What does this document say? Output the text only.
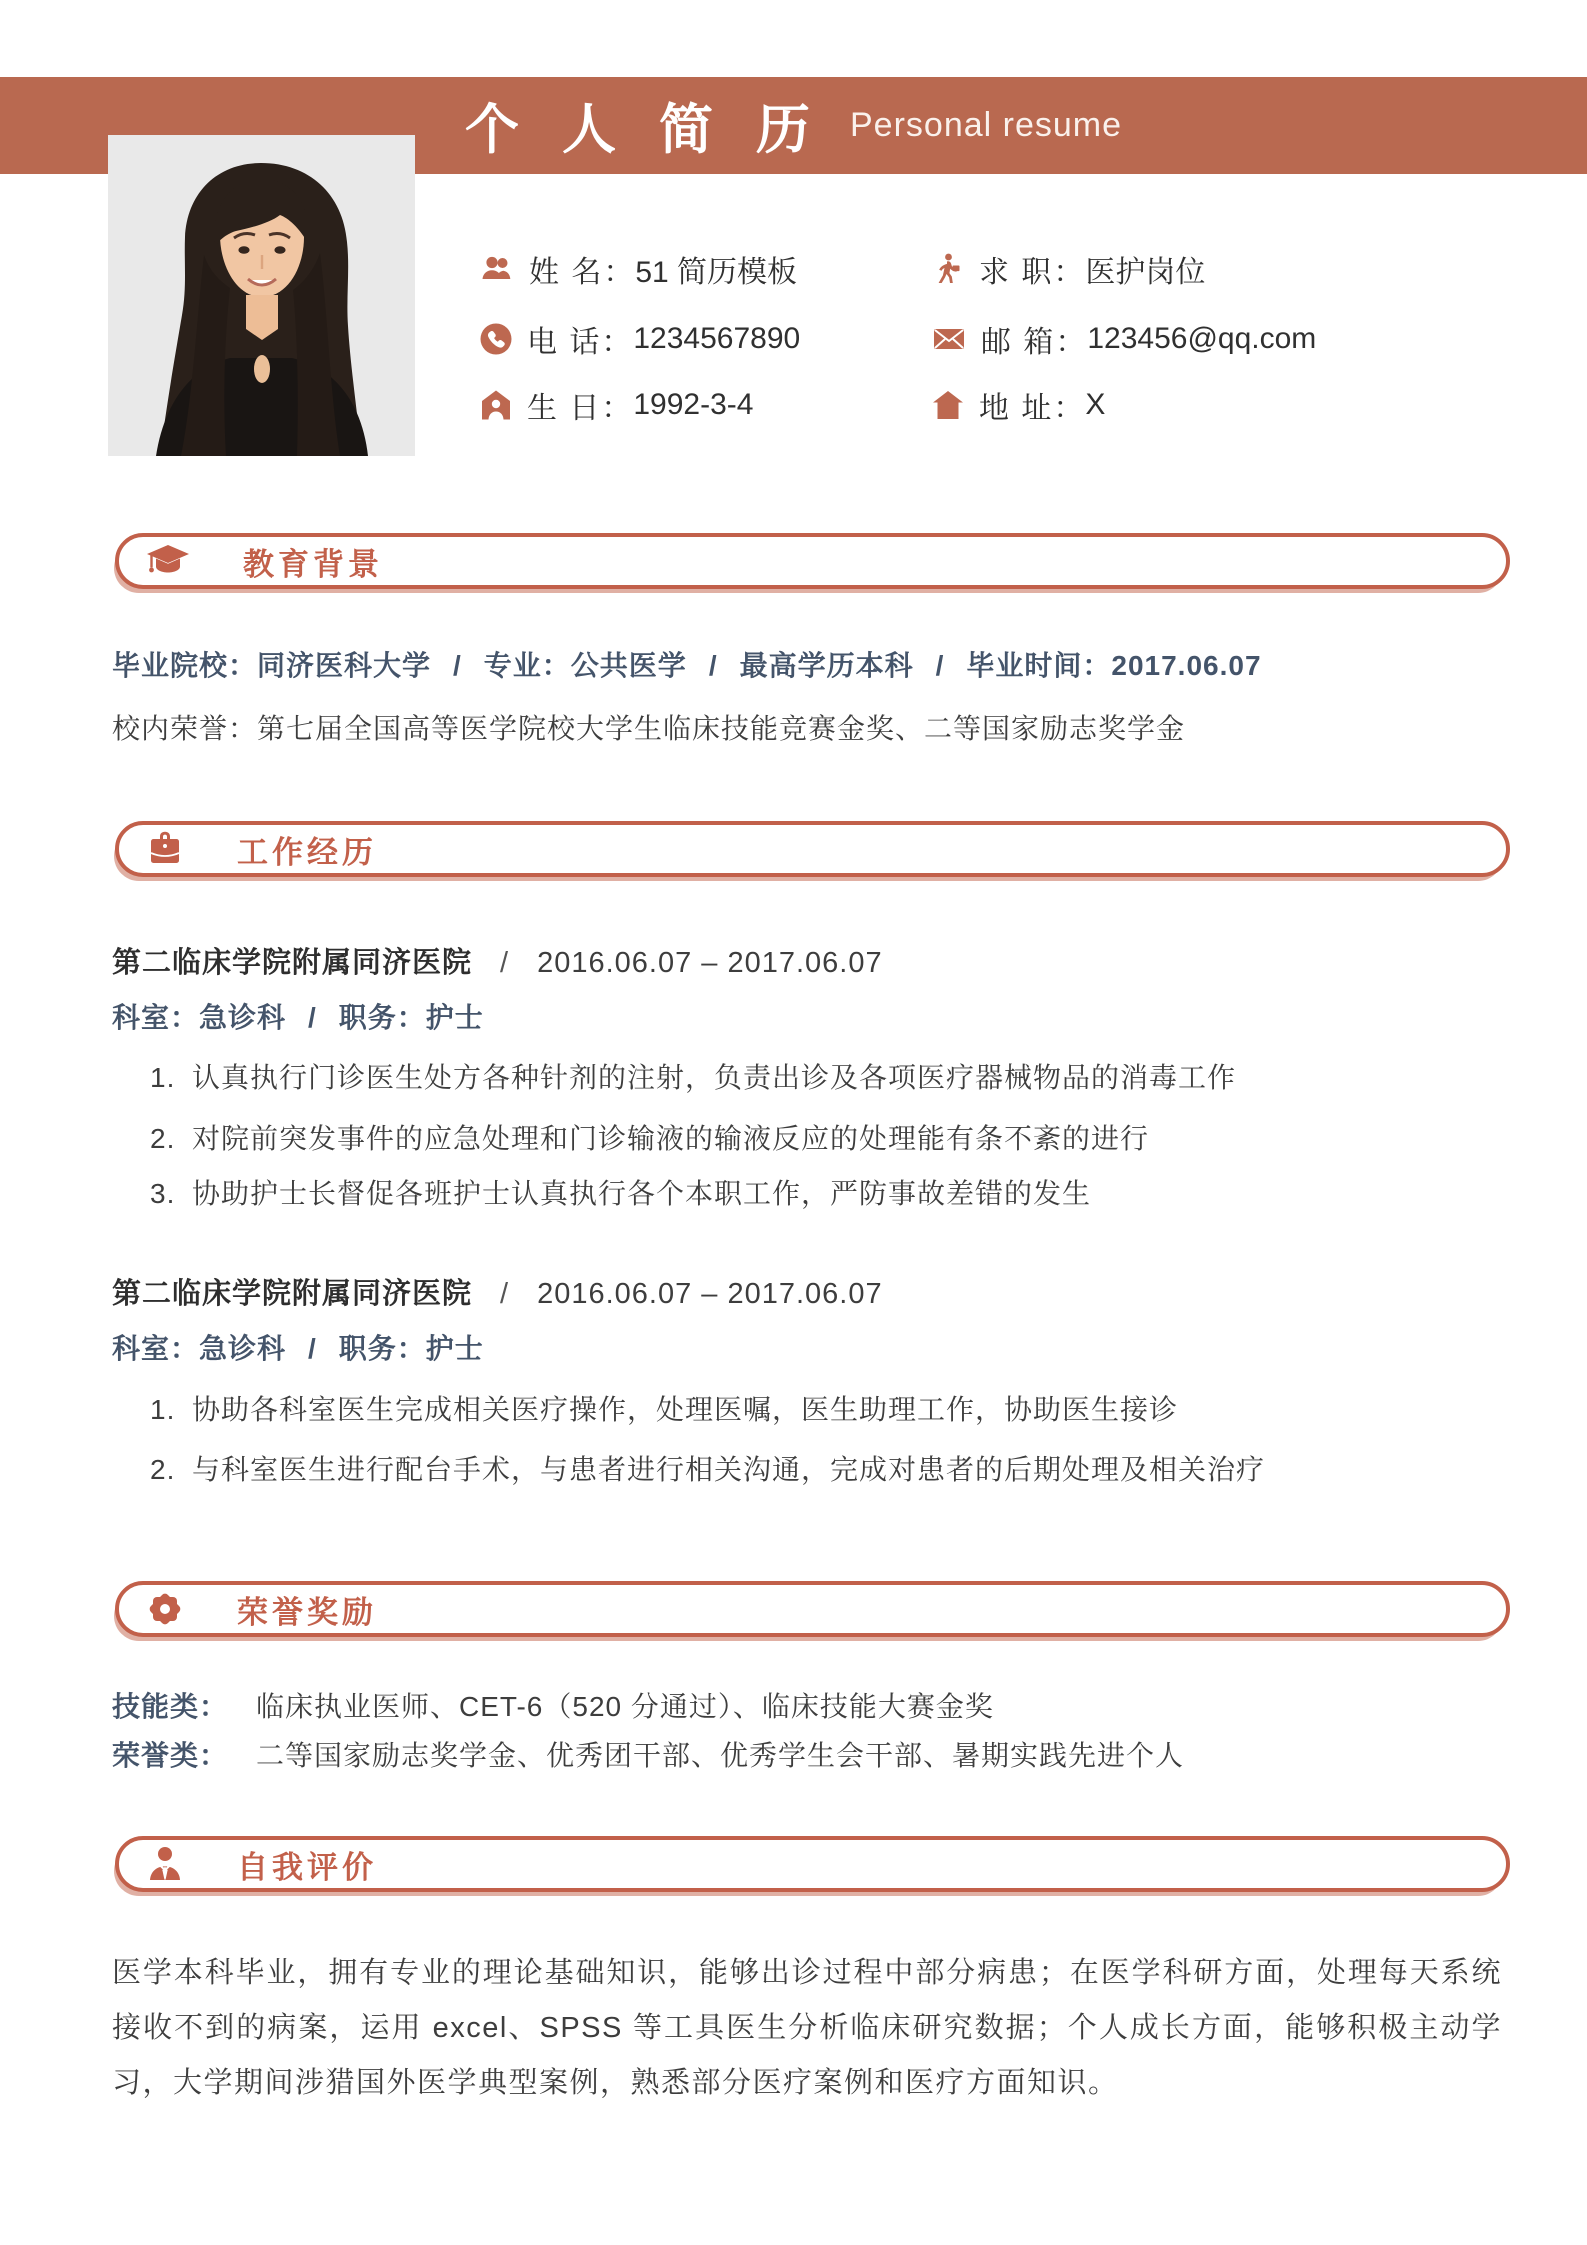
个 人 简 历 Personal resume
姓 名： 51 简历模板	求 职： 医护岗位
电 话： 1234567890	邮 箱： 123456@qq.com
生 日： 1992-3-4	地 址： X
教育背景
毕业院校：同济医科大学 / 专业：公共医学 / 最高学历本科 / 毕业时间：2017.06.07
校内荣誉：第七届全国高等医学院校大学生临床技能竞赛金奖、二等国家励志奖学金
工作经历
第二临床学院附属同济医院 / 2016.06.07 – 2017.06.07
科室：急诊科 / 职务：护士
1. 认真执行门诊医生处方各种针剂的注射，负责出诊及各项医疗器械物品的消毒工作
2. 对院前突发事件的应急处理和门诊输液的输液反应的处理能有条不紊的进行
3. 协助护士长督促各班护士认真执行各个本职工作，严防事故差错的发生
第二临床学院附属同济医院 / 2016.06.07 – 2017.06.07
科室：急诊科 / 职务：护士
1. 协助各科室医生完成相关医疗操作，处理医嘱，医生助理工作，协助医生接诊
2. 与科室医生进行配台手术，与患者进行相关沟通，完成对患者的后期处理及相关治疗
荣誉奖励
技能类： 临床执业医师、CET-6（520 分通过）、临床技能大赛金奖
荣誉类： 二等国家励志奖学金、优秀团干部、优秀学生会干部、暑期实践先进个人
自我评价
医学本科毕业，拥有专业的理论基础知识，能够出诊过程中部分病患；在医学科研方面，处理每天系统接收不到的病案，运用 excel、SPSS 等工具医生分析临床研究数据；个人成长方面，能够积极主动学习，大学期间涉猎国外医学典型案例，熟悉部分医疗案例和医疗方面知识。
